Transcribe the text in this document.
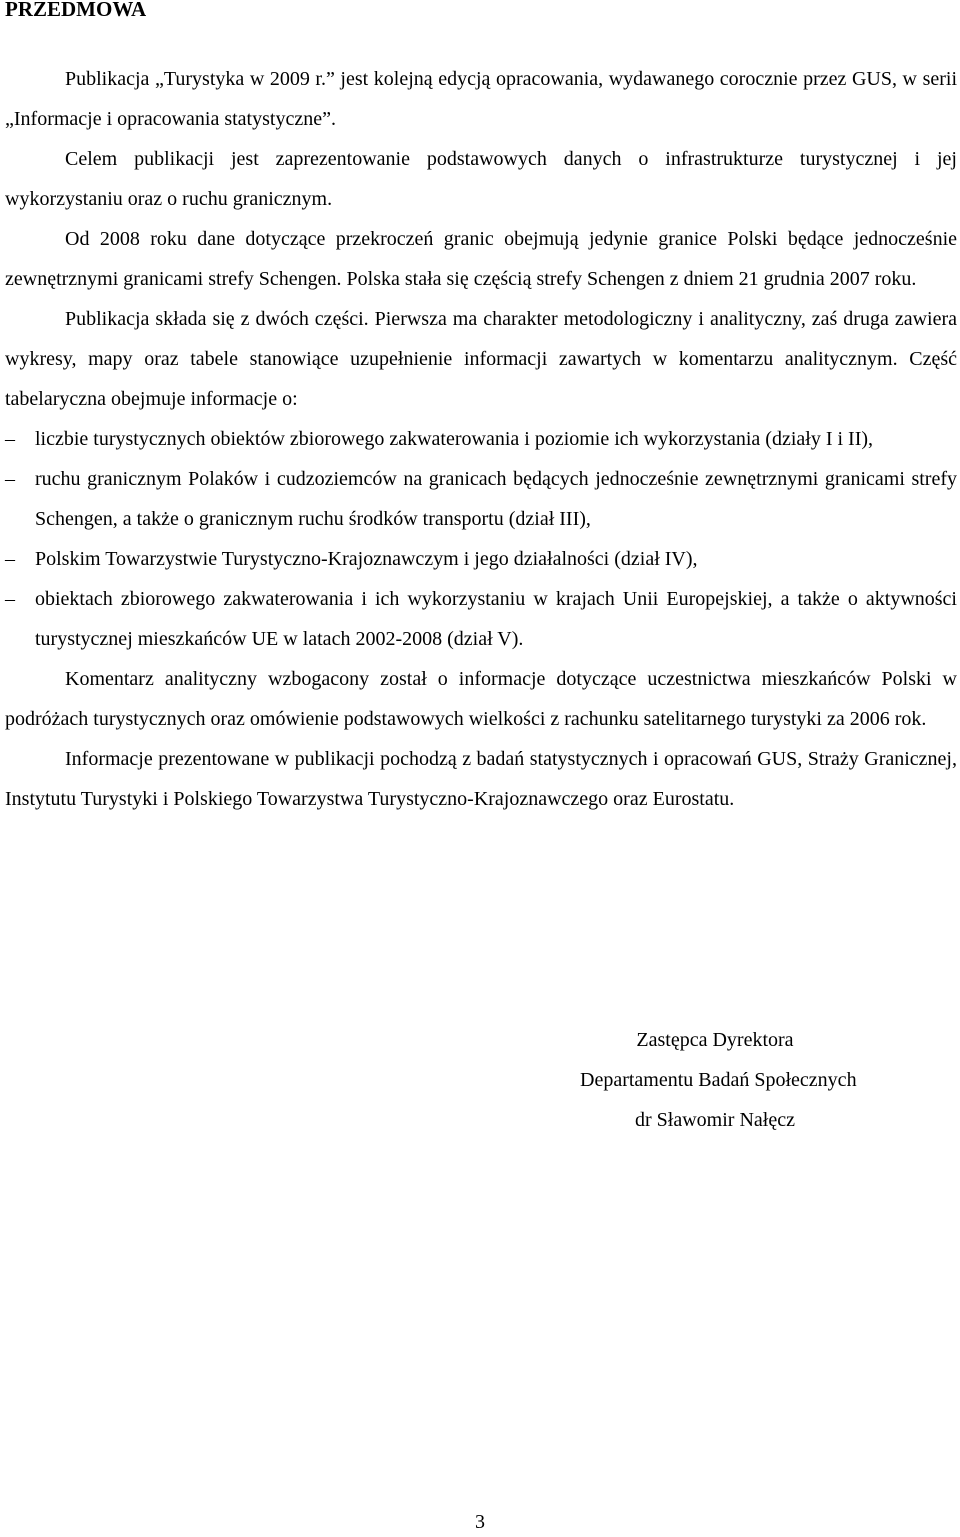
PRZEDMOWA

Publikacja „Turystyka w 2009 r.” jest kolejną edycją opracowania, wydawanego corocznie przez GUS, w serii „Informacje i opracowania statystyczne”.

Celem publikacji jest zaprezentowanie podstawowych danych o infrastrukturze turystycznej i jej wykorzystaniu oraz o ruchu granicznym.

Od 2008 roku dane dotyczące przekroczeń granic obejmują jedynie granice Polski będące jednocześnie zewnętrznymi granicami strefy Schengen. Polska stała się częścią strefy Schengen z dniem 21 grudnia 2007 roku.

Publikacja składa się z dwóch części. Pierwsza ma charakter metodologiczny i analityczny, zaś druga zawiera wykresy, mapy oraz tabele stanowiące uzupełnienie informacji zawartych w komentarzu analitycznym. Część tabelaryczna obejmuje informacje o:

–	liczbie turystycznych obiektów zbiorowego zakwaterowania i poziomie ich wykorzystania (działy I i II),
–	ruchu granicznym Polaków i cudzoziemców na granicach będących jednocześnie zewnętrznymi granicami strefy Schengen, a także o granicznym ruchu środków transportu (dział III),
–	Polskim Towarzystwie Turystyczno-Krajoznawczym i jego działalności (dział IV),
–	obiektach zbiorowego zakwaterowania i ich wykorzystaniu w krajach Unii Europejskiej, a także o aktywności turystycznej mieszkańców UE w latach 2002-2008 (dział V).

Komentarz analityczny wzbogacony został o informacje dotyczące uczestnictwa mieszkańców Polski w podróżach turystycznych oraz omówienie podstawowych wielkości z rachunku satelitarnego turystyki za 2006 rok.

Informacje prezentowane w publikacji pochodzą z badań statystycznych i opracowań GUS, Straży Granicznej, Instytutu Turystyki i Polskiego Towarzystwa Turystyczno-Krajoznawczego oraz Eurostatu.

Zastępca Dyrektora
Departamentu Badań Społecznych
dr Sławomir Nałęcz
3
